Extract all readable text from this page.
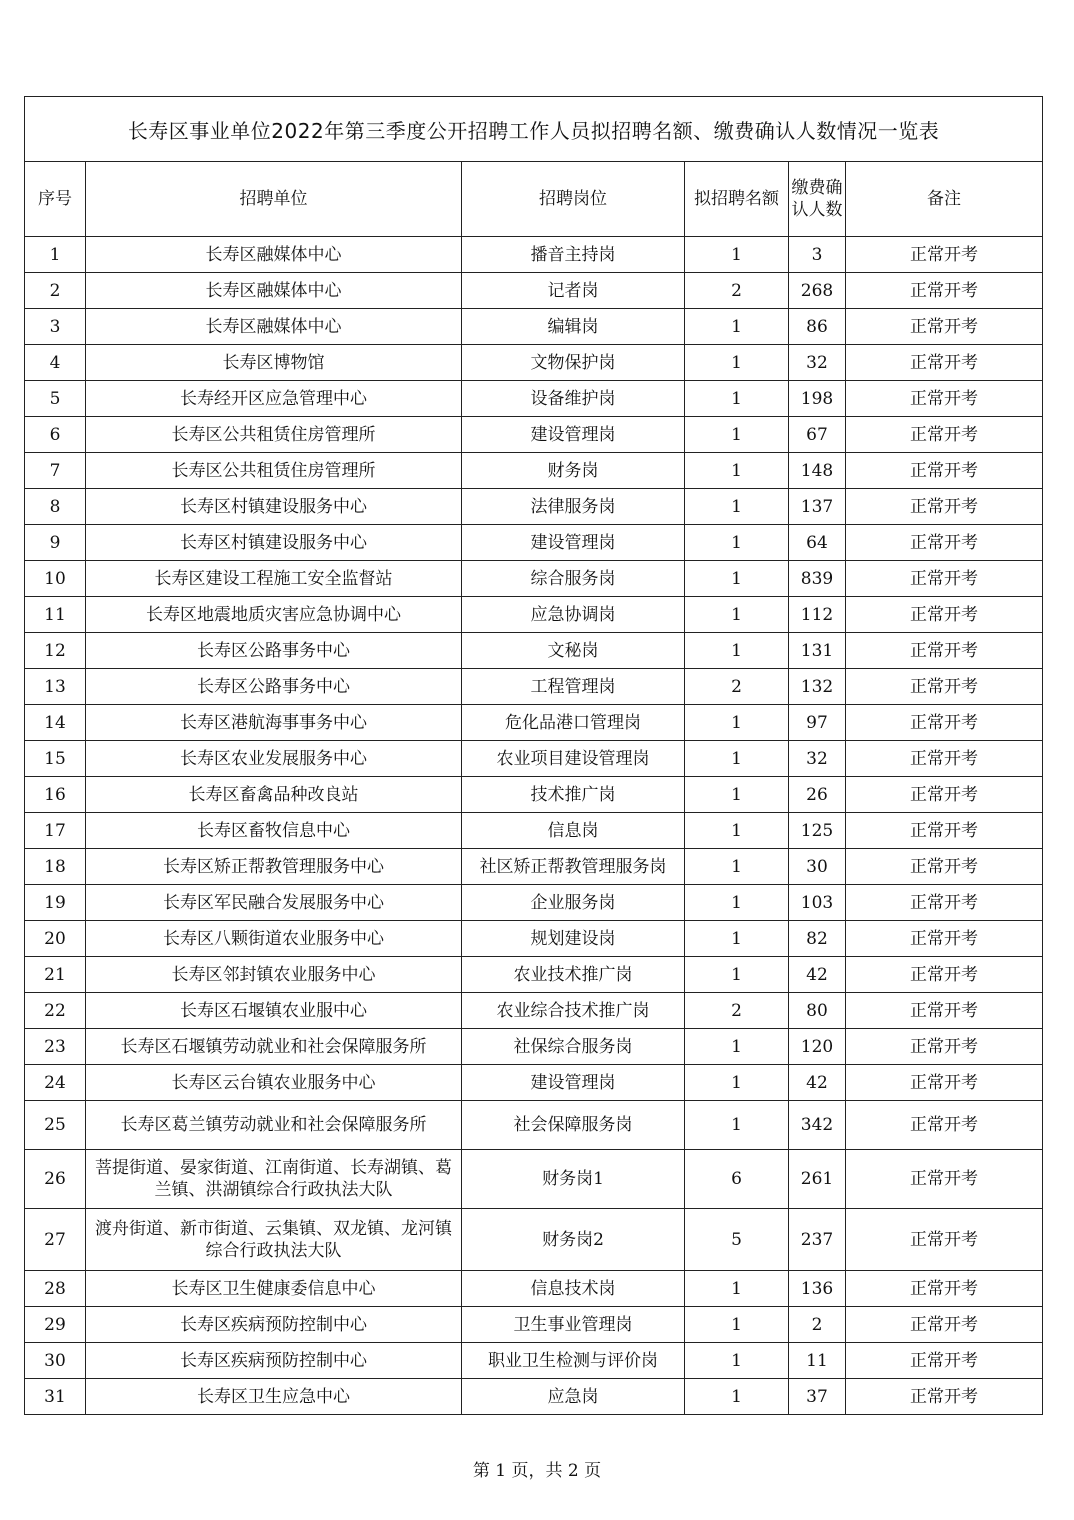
长寿区事业单位2022年第三季度公开招聘工作人员拟招聘名额、缴费确认人数情况一览表					
序号	招聘单位	招聘岗位	拟招聘名额	缴费确认人数	备注
1	长寿区融媒体中心	播音主持岗	1	3	正常开考
2	长寿区融媒体中心	记者岗	2	268	正常开考
3	长寿区融媒体中心	编辑岗	1	86	正常开考
4	长寿区博物馆	文物保护岗	1	32	正常开考
5	长寿经开区应急管理中心	设备维护岗	1	198	正常开考
6	长寿区公共租赁住房管理所	建设管理岗	1	67	正常开考
7	长寿区公共租赁住房管理所	财务岗	1	148	正常开考
8	长寿区村镇建设服务中心	法律服务岗	1	137	正常开考
9	长寿区村镇建设服务中心	建设管理岗	1	64	正常开考
10	长寿区建设工程施工安全监督站	综合服务岗	1	839	正常开考
11	长寿区地震地质灾害应急协调中心	应急协调岗	1	112	正常开考
12	长寿区公路事务中心	文秘岗	1	131	正常开考
13	长寿区公路事务中心	工程管理岗	2	132	正常开考
14	长寿区港航海事事务中心	危化品港口管理岗	1	97	正常开考
15	长寿区农业发展服务中心	农业项目建设管理岗	1	32	正常开考
16	长寿区畜禽品种改良站	技术推广岗	1	26	正常开考
17	长寿区畜牧信息中心	信息岗	1	125	正常开考
18	长寿区矫正帮教管理服务中心	社区矫正帮教管理服务岗	1	30	正常开考
19	长寿区军民融合发展服务中心	企业服务岗	1	103	正常开考
20	长寿区八颗街道农业服务中心	规划建设岗	1	82	正常开考
21	长寿区邻封镇农业服务中心	农业技术推广岗	1	42	正常开考
22	长寿区石堰镇农业服中心	农业综合技术推广岗	2	80	正常开考
23	长寿区石堰镇劳动就业和社会保障服务所	社保综合服务岗	1	120	正常开考
24	长寿区云台镇农业服务中心	建设管理岗	1	42	正常开考
25	长寿区葛兰镇劳动就业和社会保障服务所	社会保障服务岗	1	342	正常开考
26	菩提街道、晏家街道、江南街道、长寿湖镇、葛兰镇、洪湖镇综合行政执法大队	财务岗1	6	261	正常开考
27	渡舟街道、新市街道、云集镇、双龙镇、龙河镇综合行政执法大队	财务岗2	5	237	正常开考
28	长寿区卫生健康委信息中心	信息技术岗	1	136	正常开考
29	长寿区疾病预防控制中心	卫生事业管理岗	1	2	正常开考
30	长寿区疾病预防控制中心	职业卫生检测与评价岗	1	11	正常开考
31	长寿区卫生应急中心	应急岗	1	37	正常开考
第 1 页，共 2 页
